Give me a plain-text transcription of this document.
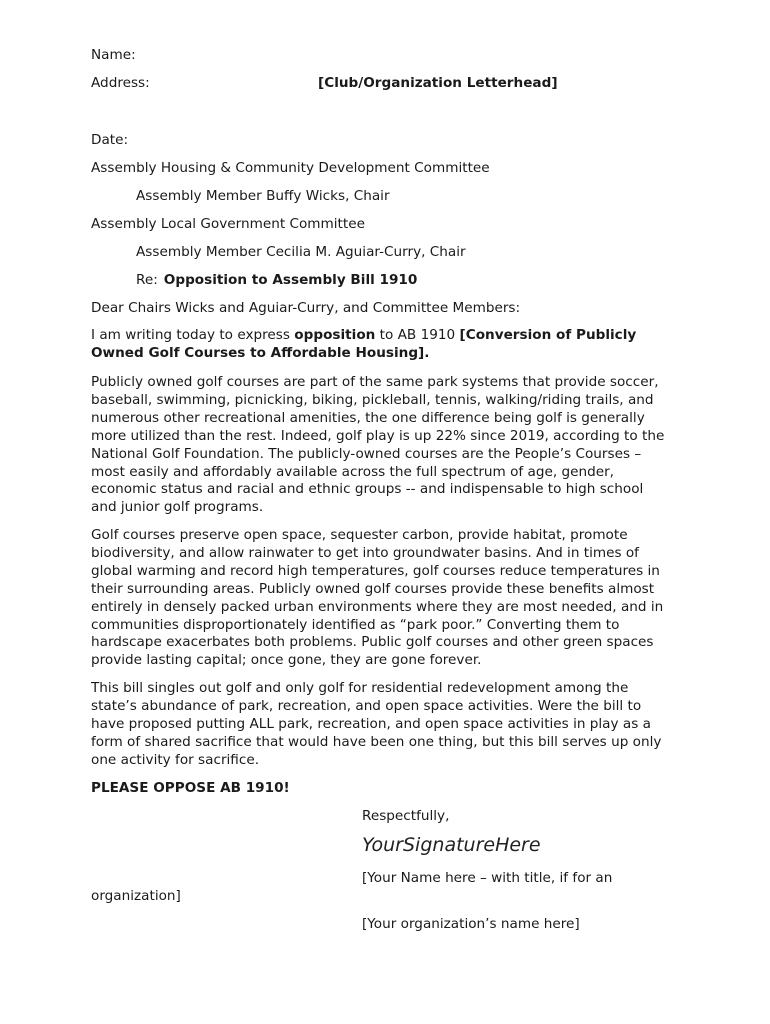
Name:
Address:	[Club/Organization Letterhead]
Date:
Assembly Housing & Community Development Committee
Assembly Member Buffy Wicks, Chair
Assembly Local Government Committee
Assembly Member Cecilia M. Aguiar-Curry, Chair
Re: Opposition to Assembly Bill 1910
Dear Chairs Wicks and Aguiar-Curry, and Committee Members:
I am writing today to express opposition to AB 1910 [Conversion of Publicly
Owned Golf Courses to Affordable Housing].
Publicly owned golf courses are part of the same park systems that provide soccer,
baseball, swimming, picnicking, biking, pickleball, tennis, walking/riding trails, and
numerous other recreational amenities, the one difference being golf is generally
more utilized than the rest. Indeed, golf play is up 22% since 2019, according to the
National Golf Foundation. The publicly-owned courses are the People’s Courses –
most easily and affordably available across the full spectrum of age, gender,
economic status and racial and ethnic groups -- and indispensable to high school
and junior golf programs.
Golf courses preserve open space, sequester carbon, provide habitat, promote
biodiversity, and allow rainwater to get into groundwater basins. And in times of
global warming and record high temperatures, golf courses reduce temperatures in
their surrounding areas. Publicly owned golf courses provide these benefits almost
entirely in densely packed urban environments where they are most needed, and in
communities disproportionately identified as “park poor.” Converting them to
hardscape exacerbates both problems. Public golf courses and other green spaces
provide lasting capital; once gone, they are gone forever.
This bill singles out golf and only golf for residential redevelopment among the
state’s abundance of park, recreation, and open space activities. Were the bill to
have proposed putting ALL park, recreation, and open space activities in play as a
form of shared sacrifice that would have been one thing, but this bill serves up only
one activity for sacrifice.
PLEASE OPPOSE AB 1910!
Respectfully,
YourSignatureHere
[Your Name here – with title, if for an
organization]
[Your organization’s name here]
